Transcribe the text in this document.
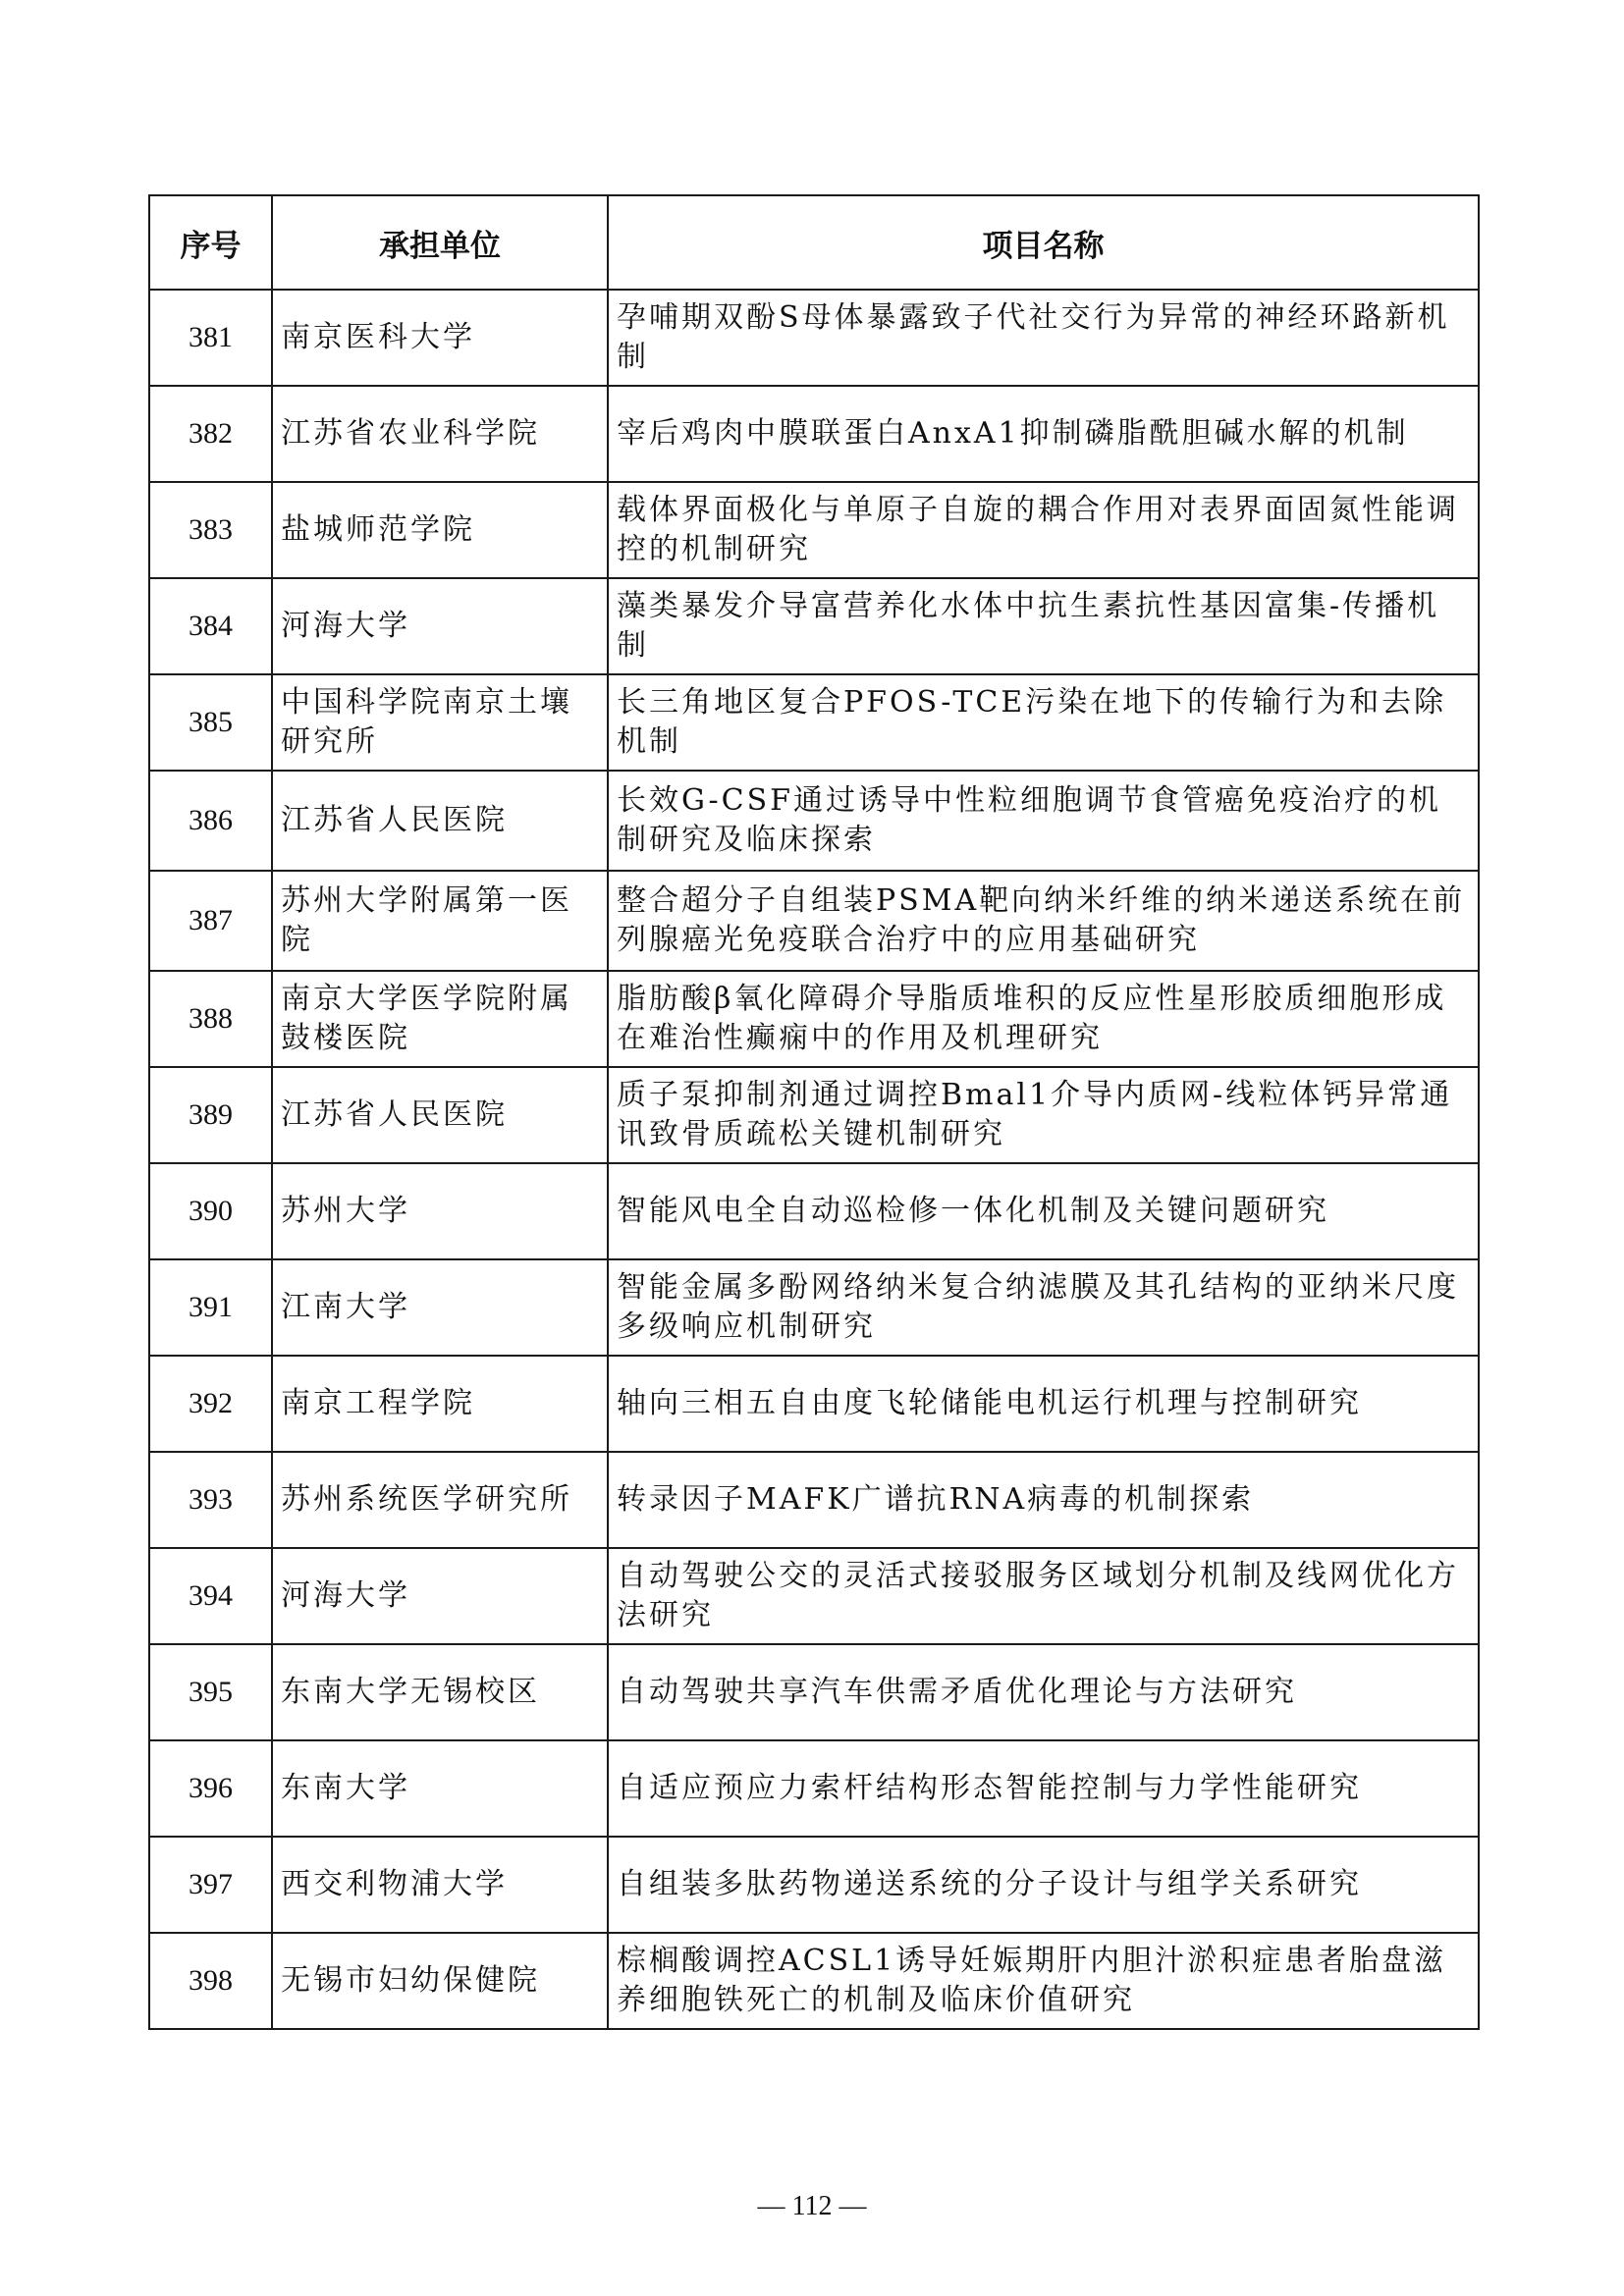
序号	承担单位	项目名称
381	南京医科大学	孕哺期双酚S母体暴露致子代社交行为异常的神经环路新机制
382	江苏省农业科学院	宰后鸡肉中膜联蛋白AnxA1抑制磷脂酰胆碱水解的机制
383	盐城师范学院	载体界面极化与单原子自旋的耦合作用对表界面固氮性能调控的机制研究
384	河海大学	藻类暴发介导富营养化水体中抗生素抗性基因富集-传播机制
385	中国科学院南京土壤研究所	长三角地区复合PFOS-TCE污染在地下的传输行为和去除机制
386	江苏省人民医院	长效G-CSF通过诱导中性粒细胞调节食管癌免疫治疗的机制研究及临床探索
387	苏州大学附属第一医院	整合超分子自组装PSMA靶向纳米纤维的纳米递送系统在前列腺癌光免疫联合治疗中的应用基础研究
388	南京大学医学院附属鼓楼医院	脂肪酸β氧化障碍介导脂质堆积的反应性星形胶质细胞形成在难治性癫痫中的作用及机理研究
389	江苏省人民医院	质子泵抑制剂通过调控Bmal1介导内质网-线粒体钙异常通讯致骨质疏松关键机制研究
390	苏州大学	智能风电全自动巡检修一体化机制及关键问题研究
391	江南大学	智能金属多酚网络纳米复合纳滤膜及其孔结构的亚纳米尺度多级响应机制研究
392	南京工程学院	轴向三相五自由度飞轮储能电机运行机理与控制研究
393	苏州系统医学研究所	转录因子MAFK广谱抗RNA病毒的机制探索
394	河海大学	自动驾驶公交的灵活式接驳服务区域划分机制及线网优化方法研究
395	东南大学无锡校区	自动驾驶共享汽车供需矛盾优化理论与方法研究
396	东南大学	自适应预应力索杆结构形态智能控制与力学性能研究
397	西交利物浦大学	自组装多肽药物递送系统的分子设计与组学关系研究
398	无锡市妇幼保健院	棕榈酸调控ACSL1诱导妊娠期肝内胆汁淤积症患者胎盘滋养细胞铁死亡的机制及临床价值研究
— 112 —
